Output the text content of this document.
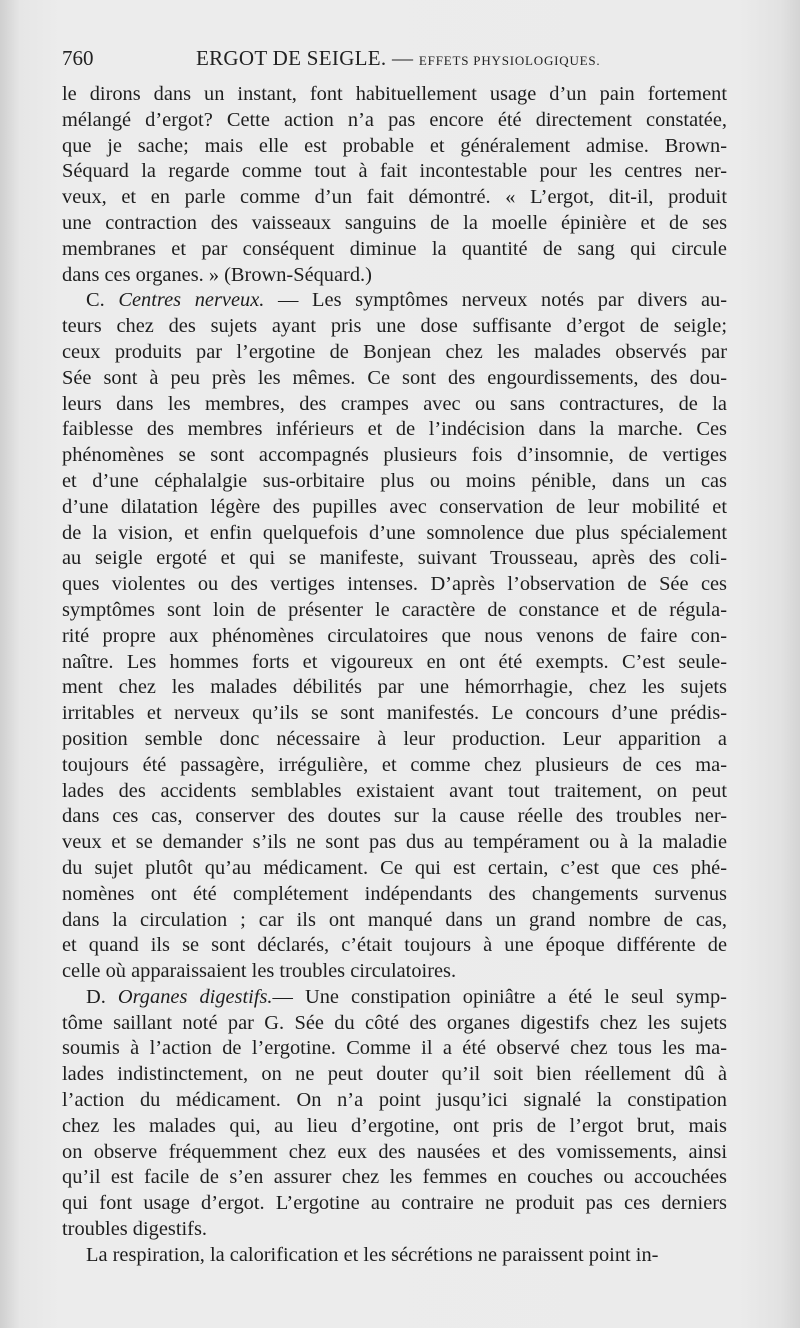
760	ERGOT DE SEIGLE. — EFFETS PHYSIOLOGIQUES.
le dirons dans un instant, font habituellement usage d’un pain fortement
mélangé d’ergot? Cette action n’a pas encore été directement constatée,
que je sache; mais elle est probable et généralement admise. Brown-
Séquard la regarde comme tout à fait incontestable pour les centres ner-
veux, et en parle comme d’un fait démontré. « L’ergot, dit-il, produit
une contraction des vaisseaux sanguins de la moelle épinière et de ses
membranes et par conséquent diminue la quantité de sang qui circule
dans ces organes. » (Brown-Séquard.)
C. Centres nerveux. — Les symptômes nerveux notés par divers au-
teurs chez des sujets ayant pris une dose suffisante d’ergot de seigle;
ceux produits par l’ergotine de Bonjean chez les malades observés par
Sée sont à peu près les mêmes. Ce sont des engourdissements, des dou-
leurs dans les membres, des crampes avec ou sans contractures, de la
faiblesse des membres inférieurs et de l’indécision dans la marche. Ces
phénomènes se sont accompagnés plusieurs fois d’insomnie, de vertiges
et d’une céphalalgie sus-orbitaire plus ou moins pénible, dans un cas
d’une dilatation légère des pupilles avec conservation de leur mobilité et
de la vision, et enfin quelquefois d’une somnolence due plus spécialement
au seigle ergoté et qui se manifeste, suivant Trousseau, après des coli-
ques violentes ou des vertiges intenses. D’après l’observation de Sée ces
symptômes sont loin de présenter le caractère de constance et de régula-
rité propre aux phénomènes circulatoires que nous venons de faire con-
naître. Les hommes forts et vigoureux en ont été exempts. C’est seule-
ment chez les malades débilités par une hémorrhagie, chez les sujets
irritables et nerveux qu’ils se sont manifestés. Le concours d’une prédis-
position semble donc nécessaire à leur production. Leur apparition a
toujours été passagère, irrégulière, et comme chez plusieurs de ces ma-
lades des accidents semblables existaient avant tout traitement, on peut
dans ces cas, conserver des doutes sur la cause réelle des troubles ner-
veux et se demander s’ils ne sont pas dus au tempérament ou à la maladie
du sujet plutôt qu’au médicament. Ce qui est certain, c’est que ces phé-
nomènes ont été complétement indépendants des changements survenus
dans la circulation ; car ils ont manqué dans un grand nombre de cas,
et quand ils se sont déclarés, c’était toujours à une époque différente de
celle où apparaissaient les troubles circulatoires.
D. Organes digestifs.— Une constipation opiniâtre a été le seul symp-
tôme saillant noté par G. Sée du côté des organes digestifs chez les sujets
soumis à l’action de l’ergotine. Comme il a été observé chez tous les ma-
lades indistinctement, on ne peut douter qu’il soit bien réellement dû à
l’action du médicament. On n’a point jusqu’ici signalé la constipation
chez les malades qui, au lieu d’ergotine, ont pris de l’ergot brut, mais
on observe fréquemment chez eux des nausées et des vomissements, ainsi
qu’il est facile de s’en assurer chez les femmes en couches ou accouchées
qui font usage d’ergot. L’ergotine au contraire ne produit pas ces derniers
troubles digestifs.
La respiration, la calorification et les sécrétions ne paraissent point in-
